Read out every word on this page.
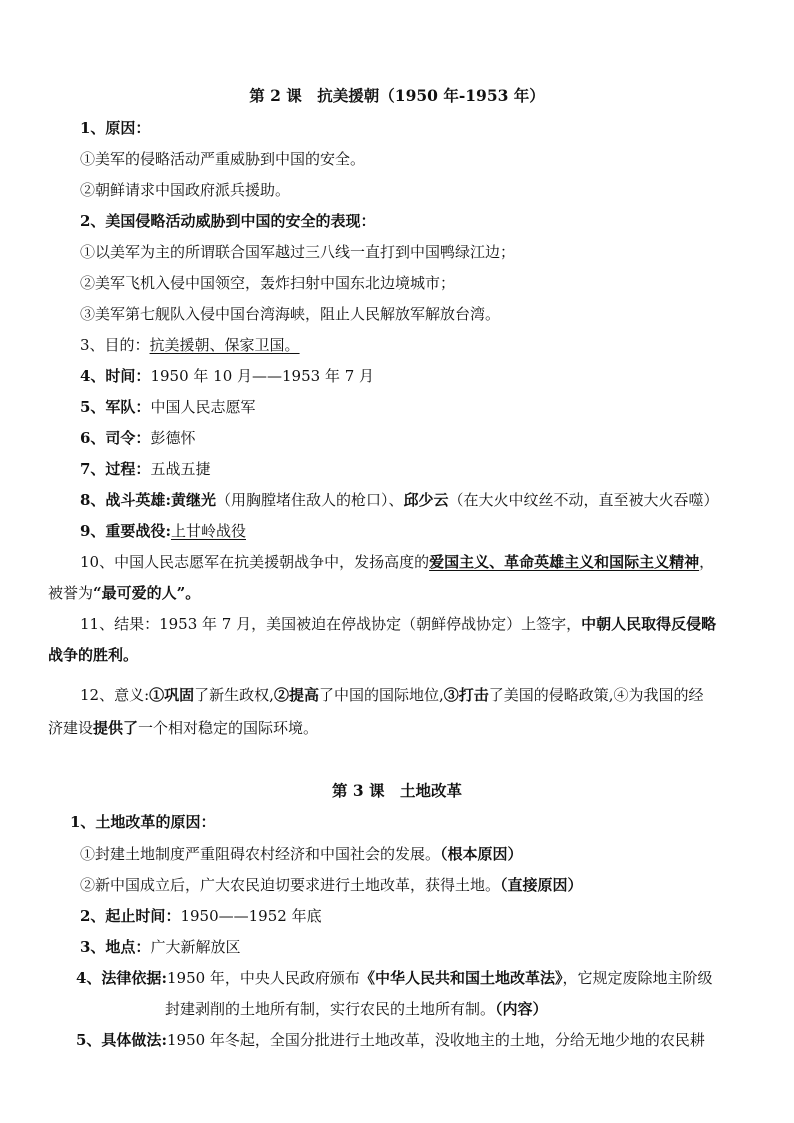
第 2 课　抗美援朝（1950 年-1953 年）
1、原因：
①美军的侵略活动严重威胁到中国的安全。
②朝鲜请求中国政府派兵援助。
2、美国侵略活动威胁到中国的安全的表现：
①以美军为主的所谓联合国军越过三八线一直打到中国鸭绿江边；
②美军飞机入侵中国领空，轰炸扫射中国东北边境城市；
③美军第七舰队入侵中国台湾海峡，阻止人民解放军解放台湾。
3、目的：抗美援朝、保家卫国。
4、时间：1950 年 10 月——1953 年 7 月
5、军队：中国人民志愿军
6、司令：彭德怀
7、过程：五战五捷
8、战斗英雄:黄继光（用胸膛堵住敌人的枪口）、邱少云（在大火中纹丝不动，直至被大火吞噬）
9、重要战役:上甘岭战役
10、中国人民志愿军在抗美援朝战争中，发扬高度的爱国主义、革命英雄主义和国际主义精神，
被誉为“最可爱的人”。
11、结果：1953 年 7 月，美国被迫在停战协定（朝鲜停战协定）上签字，中朝人民取得反侵略
战争的胜利。
12、意义:①巩固了新生政权,②提高了中国的国际地位,③打击了美国的侵略政策,④为我国的经
济建设提供了一个相对稳定的国际环境。
第 3 课　土地改革
1、土地改革的原因：
①封建土地制度严重阻碍农村经济和中国社会的发展。（根本原因）
②新中国成立后，广大农民迫切要求进行土地改革，获得土地。（直接原因）
2、起止时间：1950——1952 年底
3、地点：广大新解放区
4、法律依据:1950 年，中央人民政府颁布《中华人民共和国土地改革法》，它规定废除地主阶级
封建剥削的土地所有制，实行农民的土地所有制。（内容）
5、具体做法:1950 年冬起，全国分批进行土地改革，没收地主的土地，分给无地少地的农民耕
